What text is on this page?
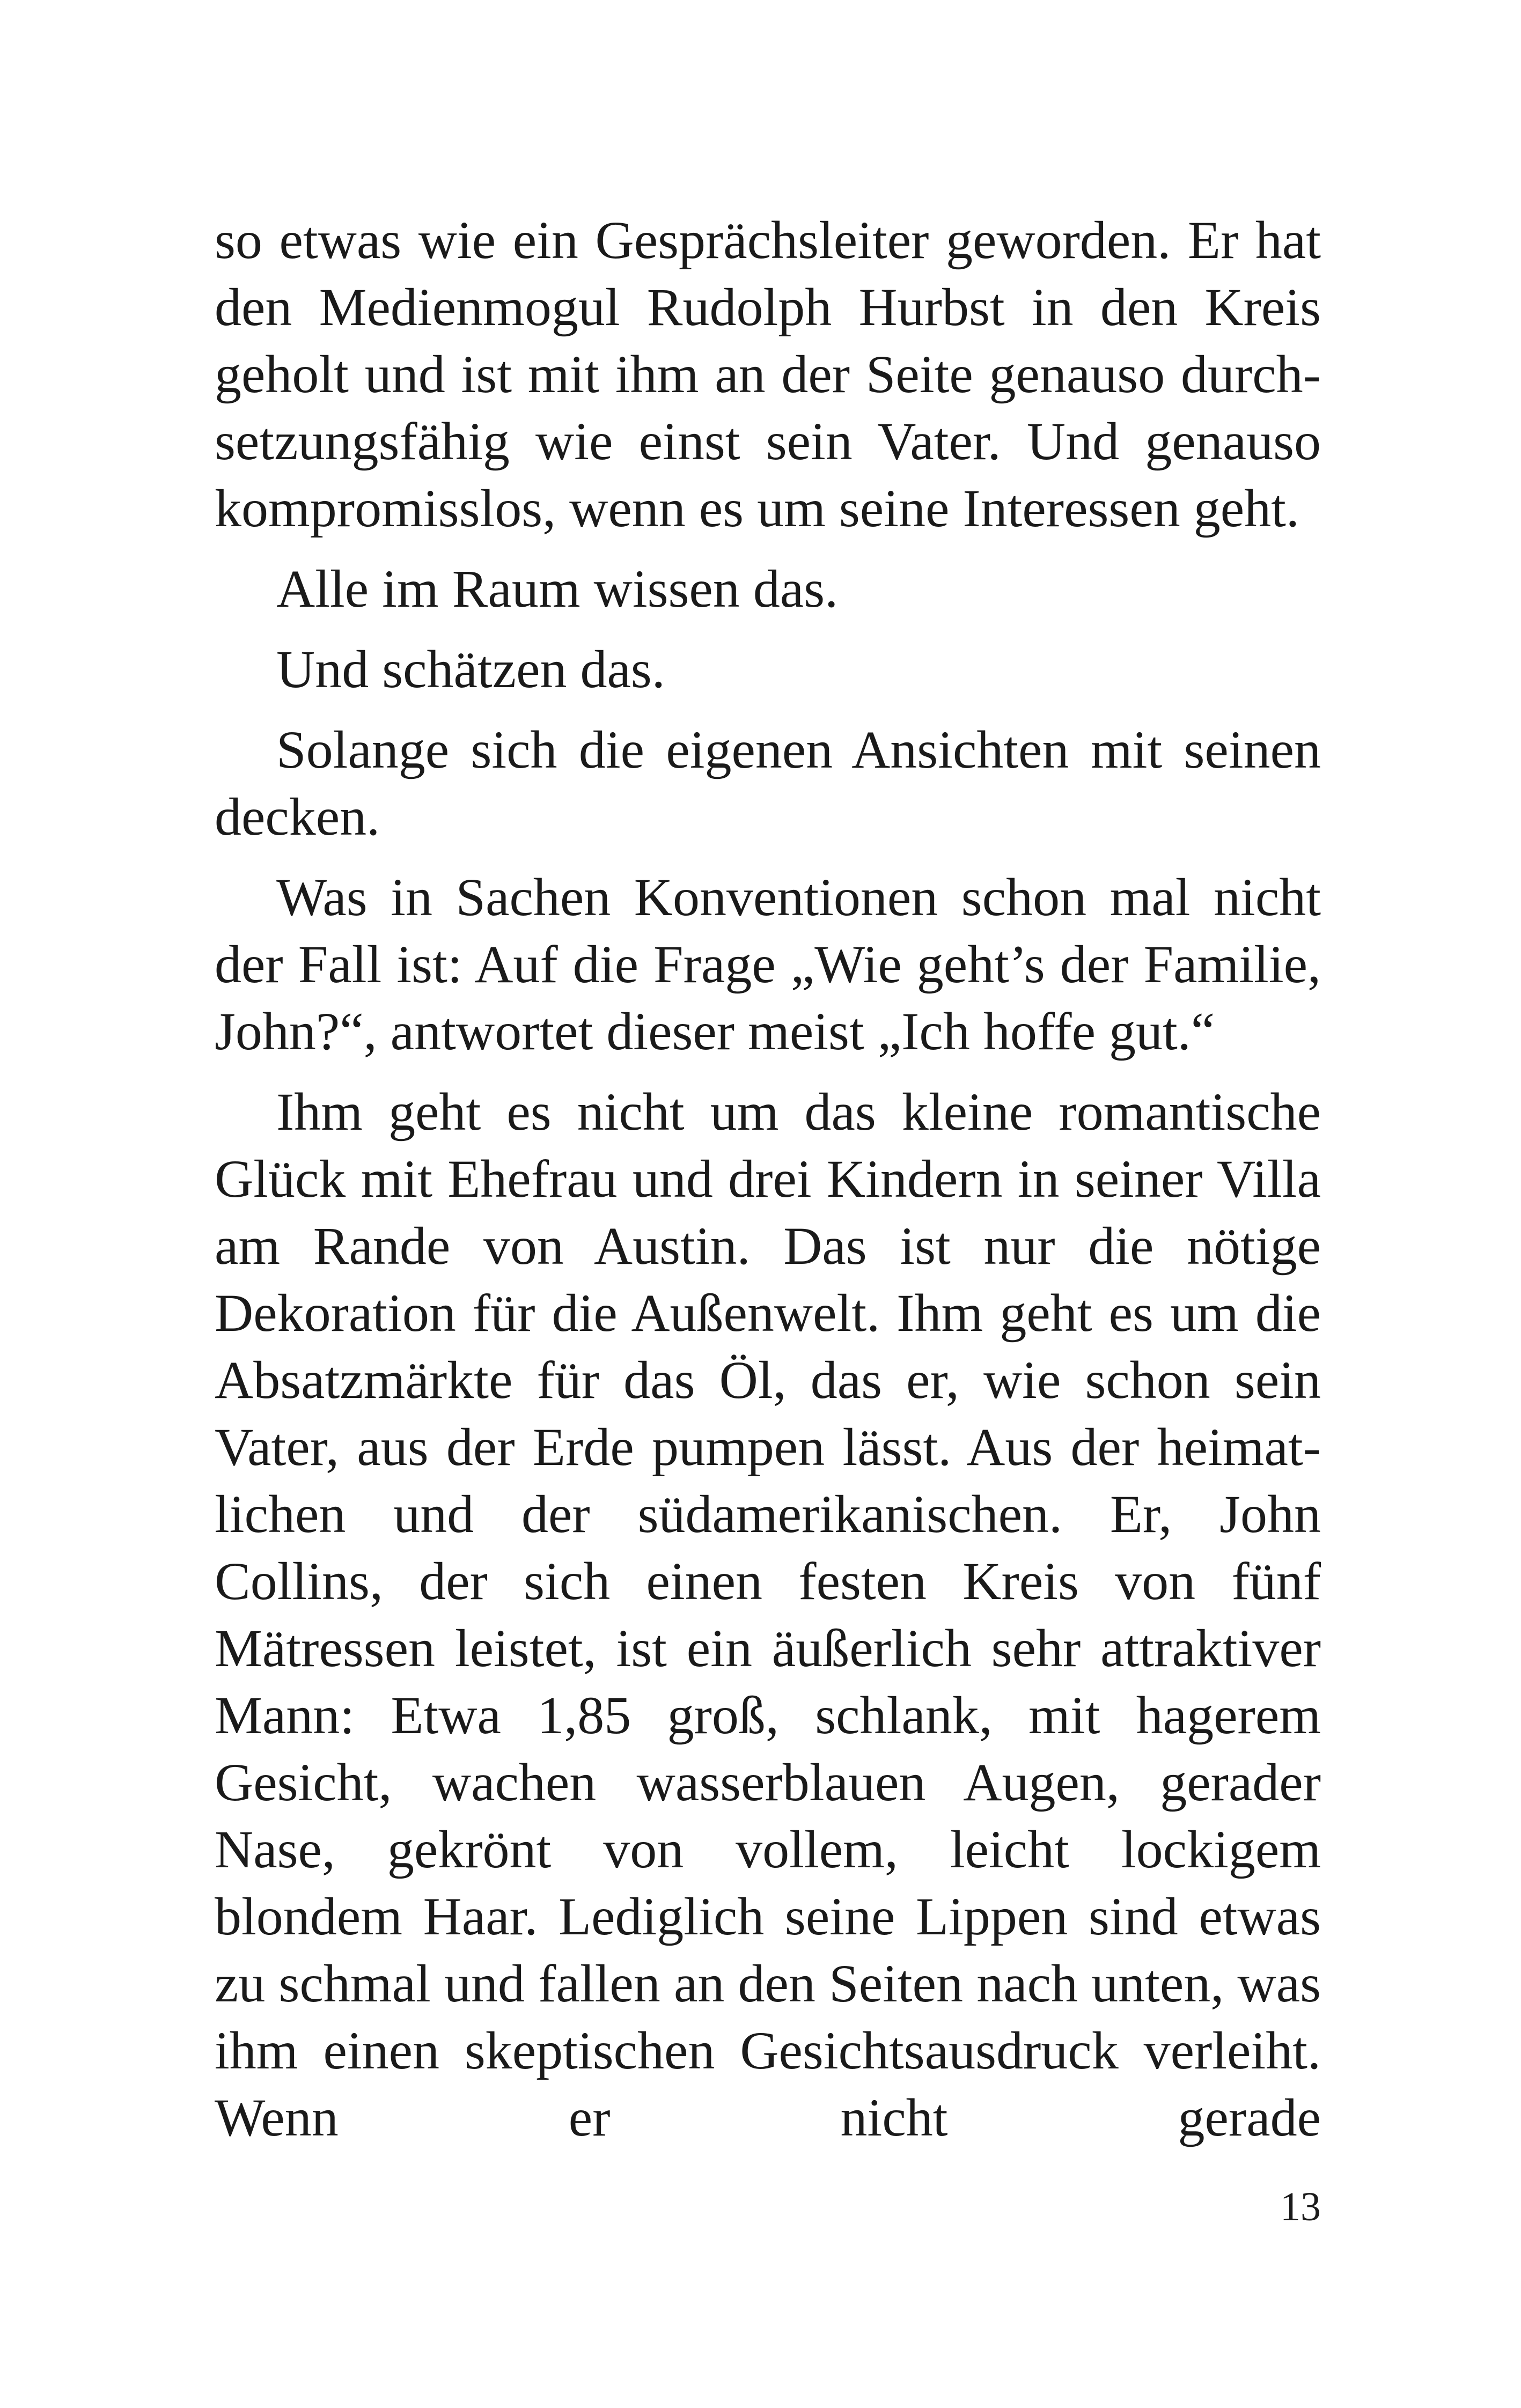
so etwas wie ein Gesprächsleiter geworden. Er hat den Medienmogul Rudolph Hurbst in den Kreis geholt und ist mit ihm an der Seite genauso durchsetzungsfähig wie einst sein Vater. Und genauso kompromisslos, wenn es um seine Interessen geht.

Alle im Raum wissen das.

Und schätzen das.

Solange sich die eigenen Ansichten mit seinen decken.

Was in Sachen Konventionen schon mal nicht der Fall ist: Auf die Frage „Wie geht’s der Familie, John?“, antwortet dieser meist „Ich hoffe gut.“

Ihm geht es nicht um das kleine romantische Glück mit Ehefrau und drei Kindern in seiner Villa am Rande von Austin. Das ist nur die nötige Dekoration für die Außenwelt. Ihm geht es um die Absatzmärkte für das Öl, das er, wie schon sein Vater, aus der Erde pumpen lässt. Aus der heimatlichen und der südamerikanischen. Er, John Collins, der sich einen festen Kreis von fünf Mätressen leistet, ist ein äußerlich sehr attraktiver Mann: Etwa 1,85 groß, schlank, mit hagerem Gesicht, wachen wasserblauen Augen, gerader Nase, gekrönt von vollem, leicht lockigem blondem Haar. Lediglich seine Lippen sind etwas zu schmal und fallen an den Seiten nach unten, was ihm einen skeptischen Gesichtsausdruck verleiht. Wenn er nicht gerade

13
